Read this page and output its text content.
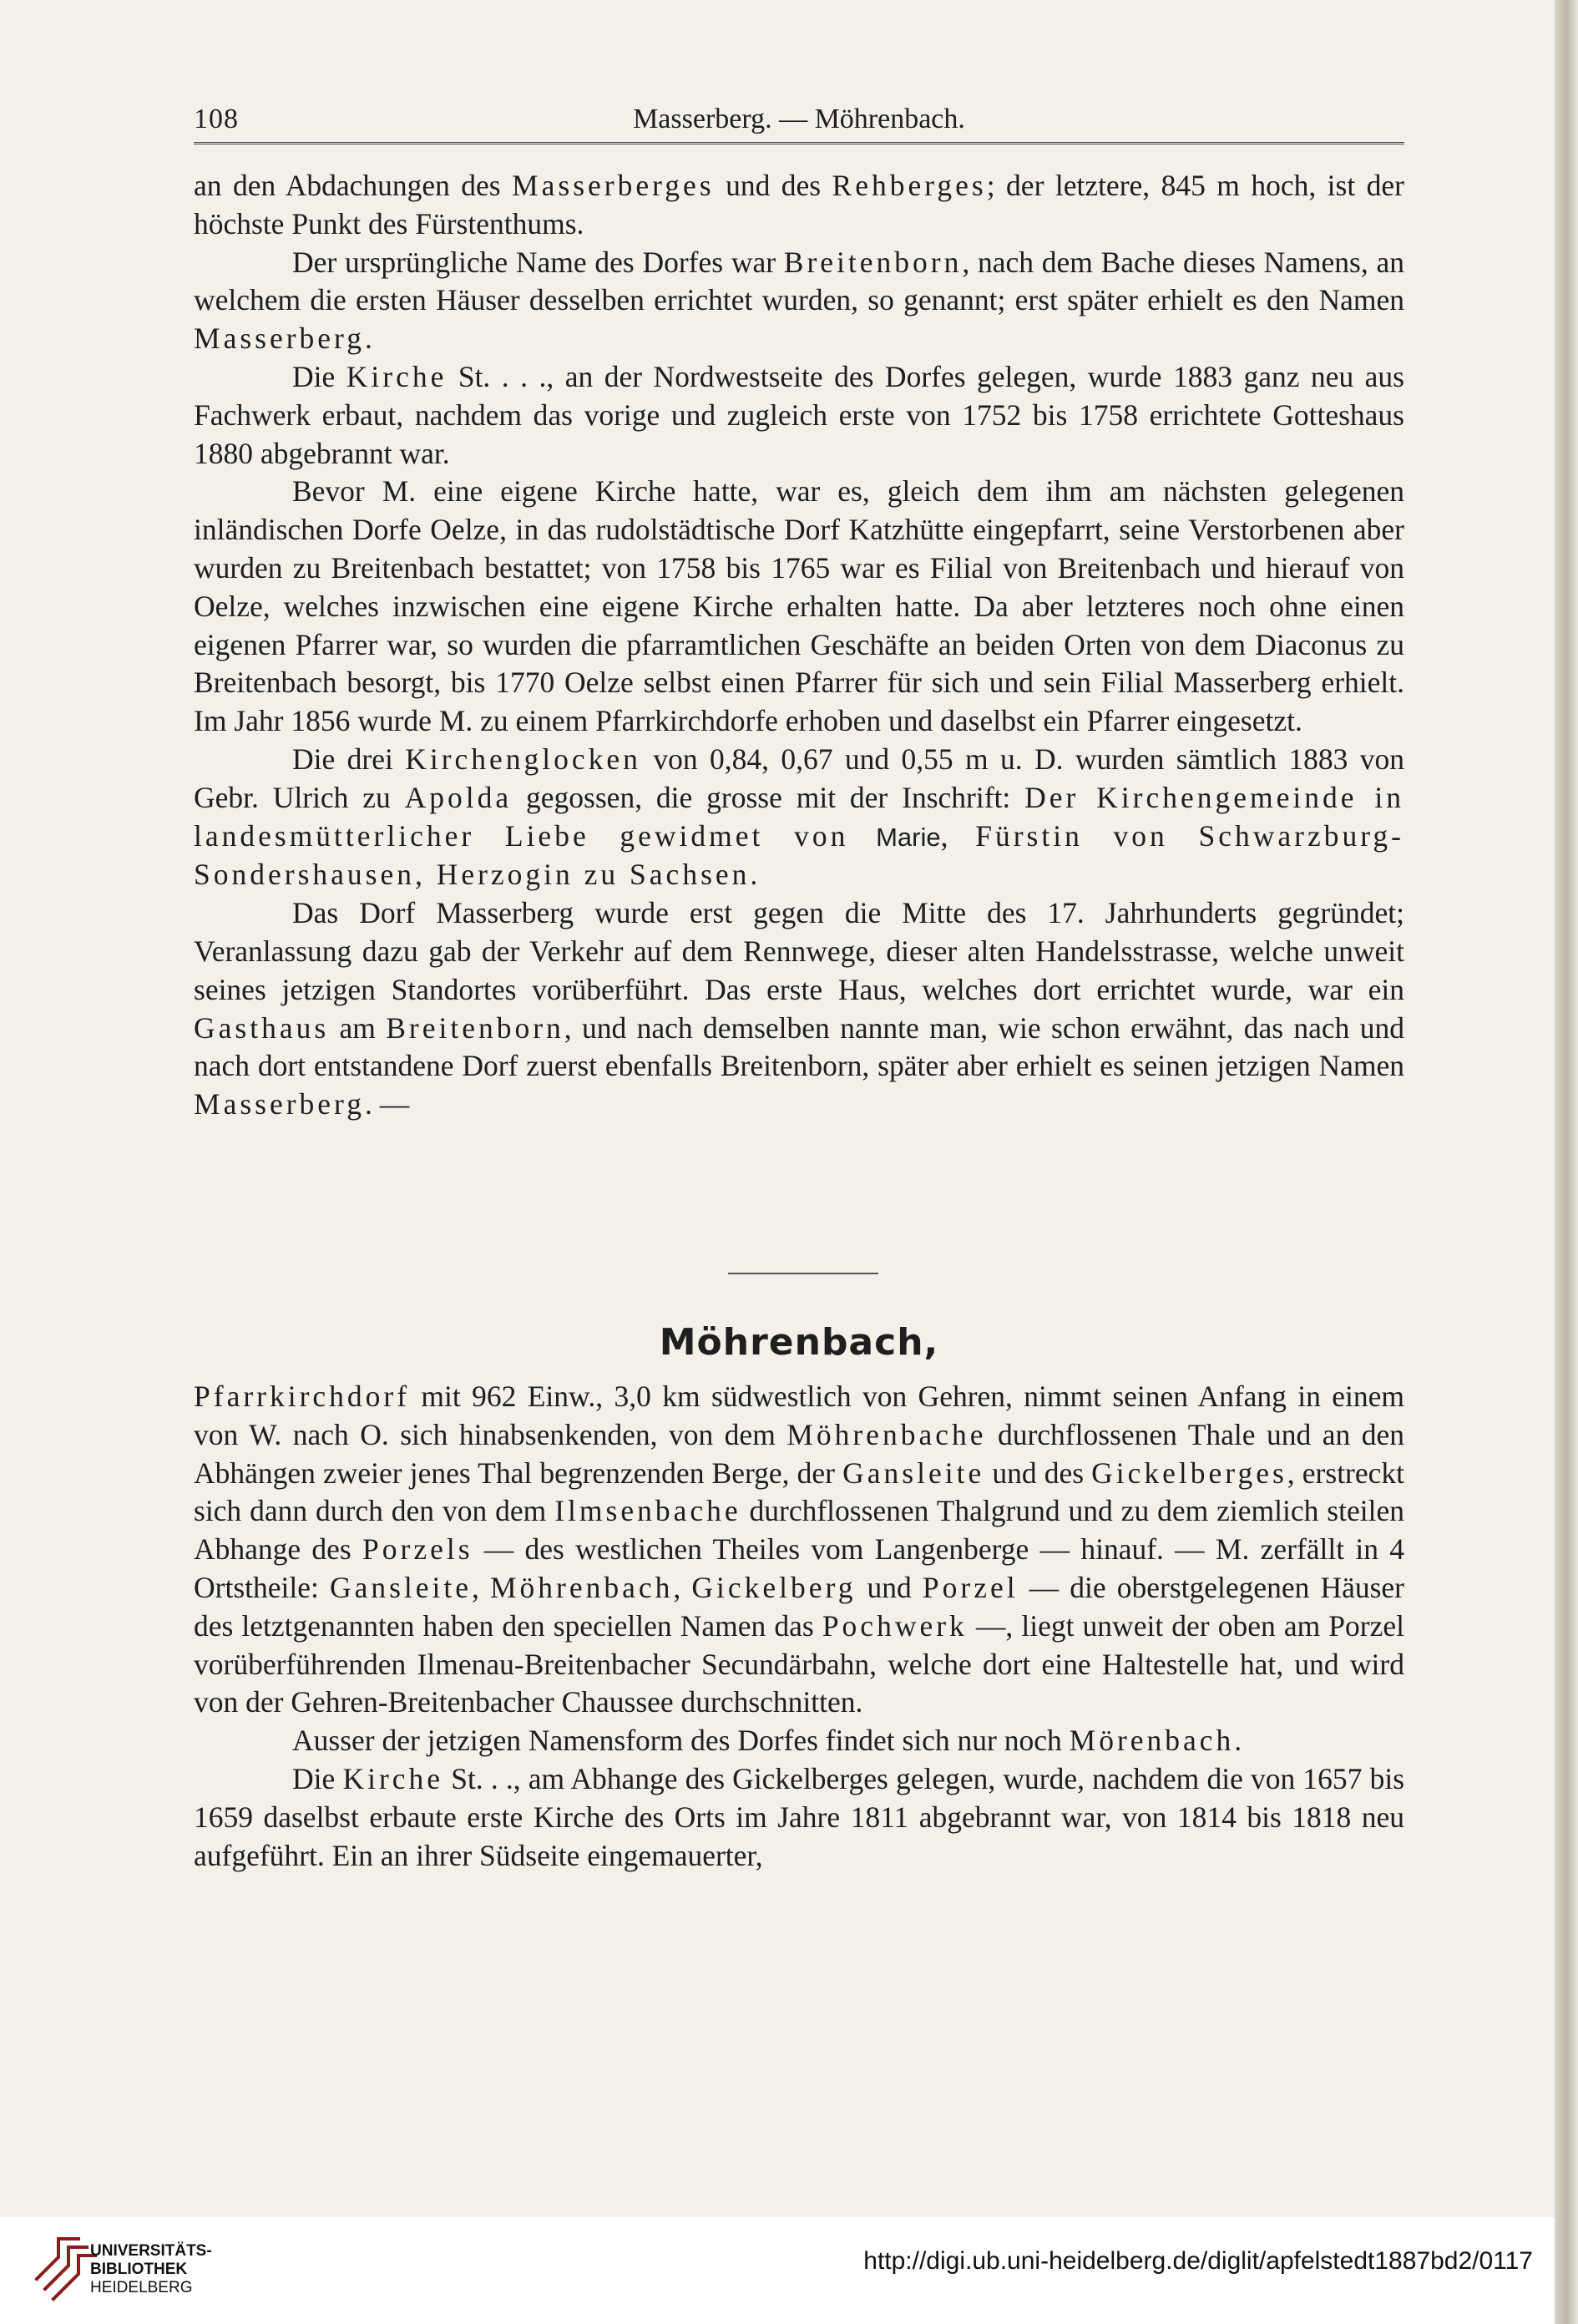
108	Masserberg. — Möhrenbach.

an den Abdachungen des Masserberges und des Rehberges; der letztere, 845 m hoch, ist der höchste Punkt des Fürstenthums.

Der ursprüngliche Name des Dorfes war Breitenborn, nach dem Bache dieses Namens, an welchem die ersten Häuser desselben errichtet wurden, so genannt; erst später erhielt es den Namen Masserberg.

Die Kirche St. . . ., an der Nordwestseite des Dorfes gelegen, wurde 1883 ganz neu aus Fachwerk erbaut, nachdem das vorige und zugleich erste von 1752 bis 1758 errichtete Gotteshaus 1880 abgebrannt war.

Bevor M. eine eigene Kirche hatte, war es, gleich dem ihm am nächsten gelegenen inländischen Dorfe Oelze, in das rudolstädtische Dorf Katzhütte eingepfarrt, seine Verstorbenen aber wurden zu Breitenbach bestattet; von 1758 bis 1765 war es Filial von Breitenbach und hierauf von Oelze, welches inzwischen eine eigene Kirche erhalten hatte. Da aber letzteres noch ohne einen eigenen Pfarrer war, so wurden die pfarramtlichen Geschäfte an beiden Orten von dem Diaconus zu Breitenbach besorgt, bis 1770 Oelze selbst einen Pfarrer für sich und sein Filial Masserberg erhielt. Im Jahr 1856 wurde M. zu einem Pfarrkirchdorfe erhoben und daselbst ein Pfarrer eingesetzt.

Die drei Kirchenglocken von 0,84, 0,67 und 0,55 m u. D. wurden sämtlich 1883 von Gebr. Ulrich zu Apolda gegossen, die grosse mit der Inschrift: Der Kirchengemeinde in landesmütterlicher Liebe gewidmet von Marie, Fürstin von Schwarzburg-Sondershausen, Herzogin zu Sachsen.

Das Dorf Masserberg wurde erst gegen die Mitte des 17. Jahrhunderts gegründet; Veranlassung dazu gab der Verkehr auf dem Rennwege, dieser alten Handelsstrasse, welche unweit seines jetzigen Standortes vorüberführt. Das erste Haus, welches dort errichtet wurde, war ein Gasthaus am Breitenborn, und nach demselben nannte man, wie schon erwähnt, das nach und nach dort entstandene Dorf zuerst ebenfalls Breitenborn, später aber erhielt es seinen jetzigen Namen Masserberg. —

Möhrenbach,

Pfarrkirchdorf mit 962 Einw., 3,0 km südwestlich von Gehren, nimmt seinen Anfang in einem von W. nach O. sich hinabsenkenden, von dem Möhrenbache durchflossenen Thale und an den Abhängen zweier jenes Thal begrenzenden Berge, der Gansleite und des Gickelberges, erstreckt sich dann durch den von dem Ilmsenbache durchflossenen Thalgrund und zu dem ziemlich steilen Abhange des Porzels — des westlichen Theiles vom Langenberge — hinauf. — M. zerfällt in 4 Ortstheile: Gansleite, Möhrenbach, Gickelberg und Porzel — die oberstgelegenen Häuser des letztgenannten haben den speciellen Namen das Pochwerk —, liegt unweit der oben am Porzel vorüberführenden Ilmenau-Breitenbacher Secundärbahn, welche dort eine Haltestelle hat, und wird von der Gehren-Breitenbacher Chaussee durchschnitten.

Ausser der jetzigen Namensform des Dorfes findet sich nur noch Mörenbach.

Die Kirche St. . ., am Abhange des Gickelberges gelegen, wurde, nachdem die von 1657 bis 1659 daselbst erbaute erste Kirche des Orts im Jahre 1811 abgebrannt war, von 1814 bis 1818 neu aufgeführt. Ein an ihrer Südseite eingemauerter,

UNIVERSITÄTS-
BIBLIOTHEK
HEIDELBERG
http://digi.ub.uni-heidelberg.de/diglit/apfelstedt1887bd2/0117
